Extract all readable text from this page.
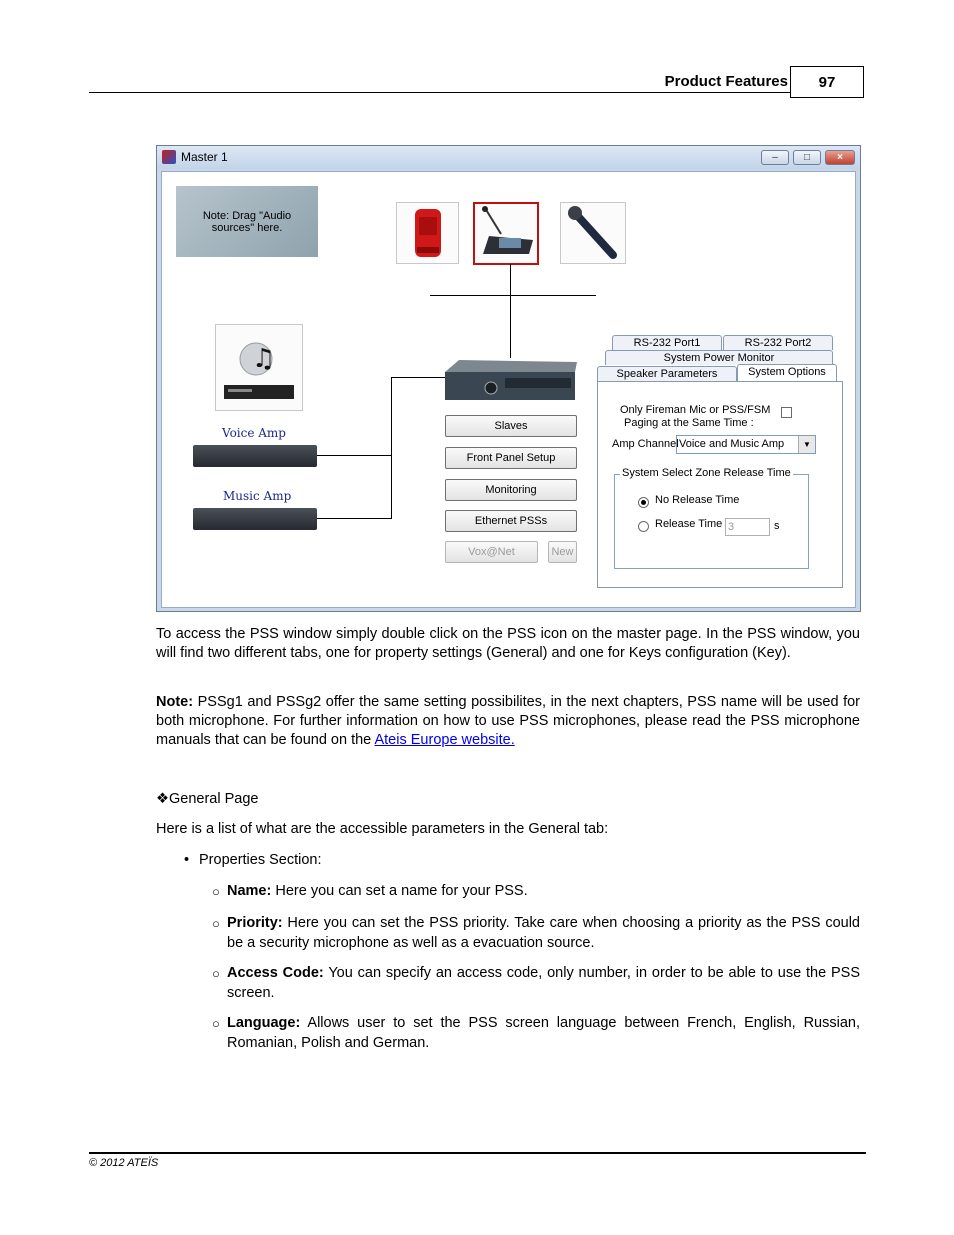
Product Features	97
Master 1	–	□	×
Note: Drag "Audio sources" here.
♫
Voice Amp
Music Amp
Slaves
Front Panel Setup
Monitoring
Ethernet PSSs
Vox@Net	New
RS-232 Port1	RS-232 Port2
System Power Monitor
Speaker Parameters	System Options
Only Fireman Mic or PSS/FSM
Paging at the Same Time :
Amp Channel Voice and Music Amp	▼
System Select Zone Release Time
No Release Time
Release Time 3	s
To access the PSS window simply double click on the PSS icon on the master page. In the PSS window, you will find two different tabs, one for property settings (General) and one for Keys configuration (Key).
Note: PSSg1 and PSSg2 offer the same setting possibilites, in the next chapters, PSS name will be used for both microphone. For further information on how to use PSS microphones, please read the PSS microphone manuals that can be found on the Ateis Europe website.
❖General Page
Here is a list of what are the accessible parameters in the General tab:
• Properties Section:
○ Name: Here you can set a name for your PSS.
○ Priority: Here you can set the PSS priority. Take care when choosing a priority as the PSS could be a security microphone as well as a evacuation source.
○ Access Code: You can specify an access code, only number, in order to be able to use the PSS screen.
○ Language: Allows user to set the PSS screen language between French, English, Russian, Romanian, Polish and German.
© 2012 ATEÏS
